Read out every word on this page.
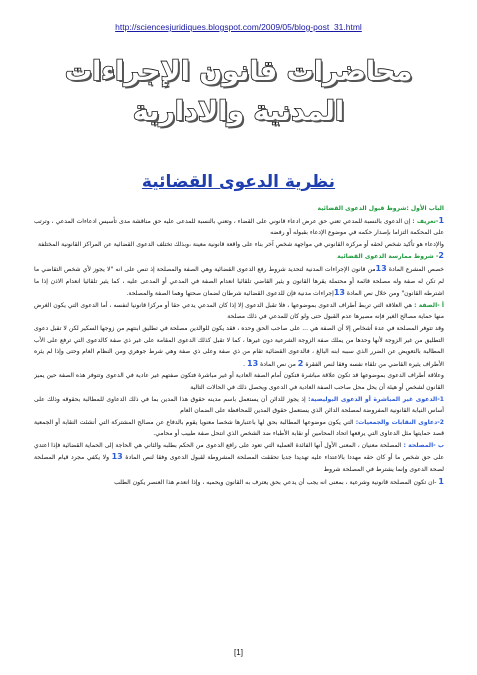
http://sciencesjuridiques.blogspot.com/2009/05/blog-post_31.html
محاضرات قانون الإجراءات المدنية والادارية
نظرية الدعوى القضائية

الباب الأول :شروط قبول الدعوى القضائية

1-تعريف : إن الدعوى بالنسبة للمدعي تعني حق عرض ادعاء قانوني على القضاء ، وتعني بالنسبة للمدعى عليه حق مناقشة مدى تأسيس ادعاءات المدعي ، وترتب على المحكمة التزاما بإصدار حكمه في موضوع الإدعاء بقبوله أو رفضه

والإدعاء هو تأكيد شخص لحقه أو مركزه القانوني في مواجهة شخص آخر بناء على واقعة قانونية معينة ،وبذلك تختلف الدعوى القضائية عن المراكز القانونية المختلفة

2- شروط ممارسة الدعوى القضائية

خصص المشرع المادة 13من قانون الإجراءات المدنية لتحديد شروط رفع الدعوى القضائية وهي الصفة والمصلحة إذ تنص على انه "لا يجوز لأي شخص التقاضي ما لم تكن له صفة وله مصلحة قائمة أو محتملة يقرها القانون و يثير القاضي تلقائيا انعدام الصفة في المدعي أو المدعى عليه ، كما يثير تلقائيا انعدام الاذن إذا ما اشترطه القانون" ومن خلال نص المادة 13إجراءات مدنية فإن للدعوى القضائية شرطان لضمان صحتها وهما الصفة والمصلحة.

أ -الصفة : هي العلاقة التي تربط أطراف الدعوى بموضوعها ، فلا تقبل الدعوى إلا إذا كان المدعي يدعي حقا أو مركزا قانونيا لنفسه ، أما الدعوى التي يكون الغرض منها حماية مصالح الغير فإنه مصيرها عدم القبول حتى ولو كان للمدعي في ذلك مصلحة

وقد تتوفر المصلحة في عدة أشخاص إلا أن الصفة هي ... على صاحب الحق وحده ، فقد يكون للوالدين مصلحة في تطليق ابنتهم من زوجها السكير لكن لا تقبل دعوى التطليق من غير الزوجة لأنها وحدها من يملك صفة الزوجة الشرعية دون غيرها ، كما لا تقبل كذلك الدعوى المقامة على غير ذي صفة كالدعوى التي ترفع على الأب المطالبة بالتعويض عن الضرر الذي سببه ابنه البالغ ، فالدعوى القضائية تقام من ذي صفة وعلى ذي صفة وهي شرط جوهري ومن النظام العام وحتى وإذا لم يثره الأطراف يثيره القاضي من تلقاء نفسه وفقا لنص الفقرة 2 من نص المادة 13 .

وعلاقة أطراف الدعوى بموضوعها قد تكون علاقة مباشرة فتكون أمام الصفة العادية أو غير مباشرة فتكون صفتهم غير عادية في الدعوى وتتوفر هذه الصفة حين يميز القانون لشخص أو هيئة أن يحل محل صاحب الصفة العادية في الدعوى ويحصل ذلك في الحالات التالية

1-الدعوى غير المباشرة أو الدعوى البوليصية: إذ يجوز للدائن أن يستعمل باسم مدينه حقوق هذا المدين بما في ذلك الدعاوى للمطالبة بحقوقه وذلك على أساس النيابة القانونية المفروضة لمصلحة الدائن الذي يستعمل حقوق المدين للمحافظة على الضمان العام

2-دعاوى النقابات والجمعيات: التي يكون موضوعها المطالبة بحق لها باعتبارها شخصا معنويا يقوم بالدفاع عن مصالح المشتركة التي أنشئت النقابة أو الجمعية قصد حمايتها مثل الدعاوى التي يرفعها اتحاد المحامين أو نقابة الأطباء ضد الشخص الذي انتحل صفة طبيب أو محامي.

ب -المصلحة : المصلحة معنيان ، المعنى الأول أنها الفائدة العملية التي تعود على رافع الدعوى من الحكم بطلبه والثاني هي الحاجة إلى الحماية القضائية فإذا اعتدي على حق شخص ما أو كان حقه مهددا بالاعتداء عليه تهديدا جديا تحققت المصلحة المشروطة لقبول الدعوى وفقا لنص المادة 13 ولا يكفي مجرد قيام المصلحة لصحة الدعوى وإنما يشترط في المصلحة شروط

1 -ان تكون المصلحة قانونية وشرعية ، بمعنى انه يجب أن يدعي بحق يعترف به القانون ويحميه ، وإذا انعدم هذا العنصر يكون الطلب

[1]
